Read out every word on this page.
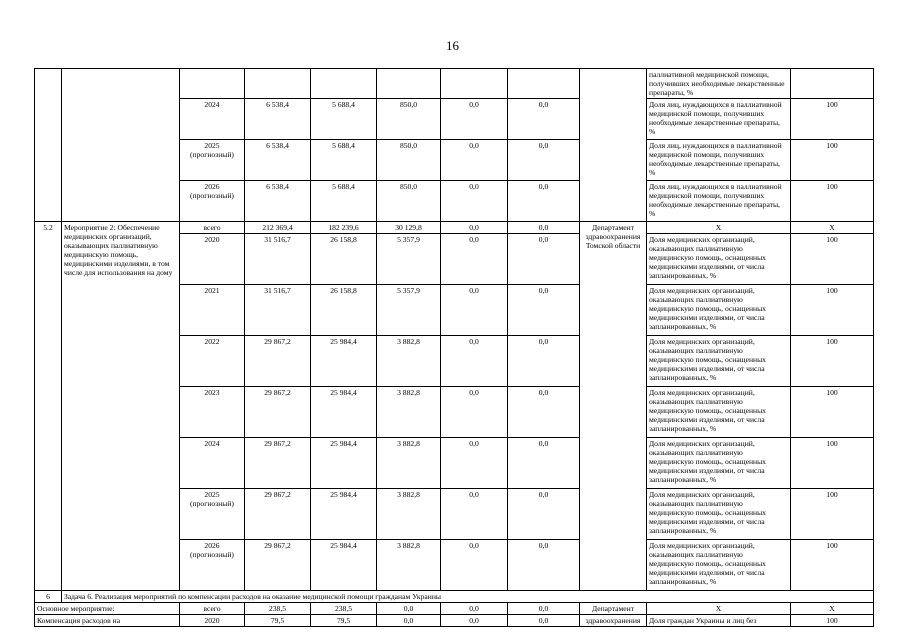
16

							паллиативной медицинской помощи, получивших необходимые лекарственные препараты, %	

		2024	6 538,4	5 688,4	850,0	0,0	0,0		Доля лиц, нуждающихся в паллиативной медицинской помощи, получивших необходимые лекарственные препараты, %	100

		2025
(прогнозный)	6 538,4	5 688,4	850,0	0,0	0,0		Доля лиц, нуждающихся в паллиативной медицинской помощи, получивших необходимые лекарственные препараты, %	100

		2026
(прогнозный)	6 538,4	5 688,4	850,0	0,0	0,0		Доля лиц, нуждающихся в паллиативной медицинской помощи, получивших необходимые лекарственные препараты, %	100
5.2	Мероприятие 2: Обеспечение медицинских организаций, оказывающих паллиативную медицинскую помощь, медицинскими изделиями, в том числе для использования на дому	всего	212 369,4	182 239,6	30 129,8	0,0	0,0	Департамент здравоохранения Томской области	Х	Х

		2020	31 516,7	26 158,8	5 357,9	0,0	0,0		Доля медицинских организаций, оказывающих паллиативную медицинскую помощь, оснащенных медицинскими изделиями, от числа запланированных, %	100

		2021	31 516,7	26 158,8	5 357,9	0,0	0,0		Доля медицинских организаций, оказывающих паллиативную медицинскую помощь, оснащенных медицинскими изделиями, от числа запланированных, %	100

		2022	29 867,2	25 984,4	3 882,8	0,0	0,0		Доля медицинских организаций, оказывающих паллиативную медицинскую помощь, оснащенных медицинскими изделиями, от числа запланированных, %	100

		2023	29 867,2	25 984,4	3 882,8	0,0	0,0		Доля медицинских организаций, оказывающих паллиативную медицинскую помощь, оснащенных медицинскими изделиями, от числа запланированных, %	100

		2024	29 867,2	25 984,4	3 882,8	0,0	0,0		Доля медицинских организаций, оказывающих паллиативную медицинскую помощь, оснащенных медицинскими изделиями, от числа запланированных, %	100

		2025
(прогнозный)	29 867,2	25 984,4	3 882,8	0,0	0,0		Доля медицинских организаций, оказывающих паллиативную медицинскую помощь, оснащенных медицинскими изделиями, от числа запланированных, %	100

		2026
(прогнозный)	29 867,2	25 984,4	3 882,8	0,0	0,0		Доля медицинских организаций, оказывающих паллиативную медицинскую помощь, оснащенных медицинскими изделиями, от числа запланированных, %	100
6	Задача 6. Реализация мероприятий по компенсации расходов на оказание медицинской помощи гражданам Украины									
Основное мероприятие:		всего	238,5	238,5	0,0	0,0	0,0	Департамент	Х	Х
Компенсация расходов на		2020	79,5	79,5	0,0	0,0	0,0	здравоохранения	Доля граждан Украины и лиц без	100
